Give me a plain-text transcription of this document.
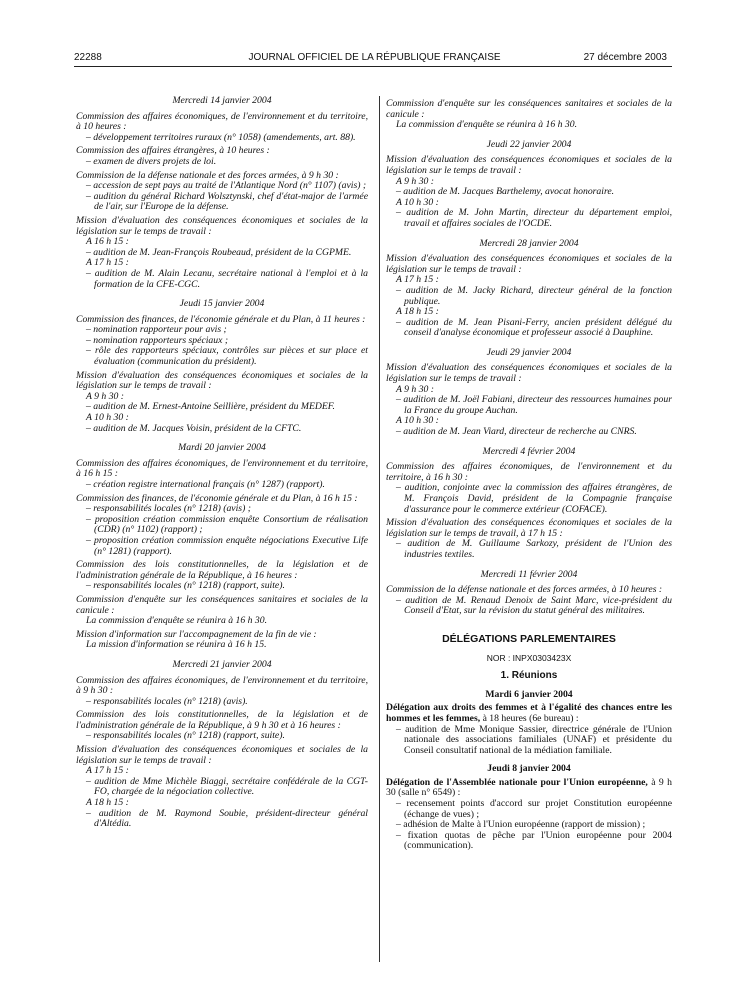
22288	JOURNAL OFFICIEL DE LA RÉPUBLIQUE FRANÇAISE	27 décembre 2003

Mercredi 14 janvier 2004

Commission des affaires économiques, de l'environnement et du territoire, à 10 heures :

– développement territoires ruraux (n° 1058) (amendements, art. 88).

Commission des affaires étrangères, à 10 heures :

– examen de divers projets de loi.

Commission de la défense nationale et des forces armées, à 9 h 30 :

– accession de sept pays au traité de l'Atlantique Nord (n° 1107) (avis) ;

– audition du général Richard Wolsztynski, chef d'état-major de l'armée de l'air, sur l'Europe de la défense.

Mission d'évaluation des conséquences économiques et sociales de la législation sur le temps de travail :

A 16 h 15 :

– audition de M. Jean-François Roubeaud, président de la CGPME.

A 17 h 15 :

– audition de M. Alain Lecanu, secrétaire national à l'emploi et à la formation de la CFE-CGC.

Jeudi 15 janvier 2004

Commission des finances, de l'économie générale et du Plan, à 11 heures :

– nomination rapporteur pour avis ;

– nomination rapporteurs spéciaux ;

– rôle des rapporteurs spéciaux, contrôles sur pièces et sur place et évaluation (communication du président).

Mission d'évaluation des conséquences économiques et sociales de la législation sur le temps de travail :

A 9 h 30 :

– audition de M. Ernest-Antoine Seillière, président du MEDEF.

A 10 h 30 :

– audition de M. Jacques Voisin, président de la CFTC.

Mardi 20 janvier 2004

Commission des affaires économiques, de l'environnement et du territoire, à 16 h 15 :

– création registre international français (n° 1287) (rapport).

Commission des finances, de l'économie générale et du Plan, à 16 h 15 :

– responsabilités locales (n° 1218) (avis) ;

– proposition création commission enquête Consortium de réalisation (CDR) (n° 1102) (rapport) ;

– proposition création commission enquête négociations Executive Life (n° 1281) (rapport).

Commission des lois constitutionnelles, de la législation et de l'administration générale de la République, à 16 heures :

– responsabilités locales (n° 1218) (rapport, suite).

Commission d'enquête sur les conséquences sanitaires et sociales de la canicule :

La commission d'enquête se réunira à 16 h 30.

Mission d'information sur l'accompagnement de la fin de vie :

La mission d'information se réunira à 16 h 15.

Mercredi 21 janvier 2004

Commission des affaires économiques, de l'environnement et du territoire, à 9 h 30 :

– responsabilités locales (n° 1218) (avis).

Commission des lois constitutionnelles, de la législation et de l'administration générale de la République, à 9 h 30 et à 16 heures :

– responsabilités locales (n° 1218) (rapport, suite).

Mission d'évaluation des conséquences économiques et sociales de la législation sur le temps de travail :

A 17 h 15 :

– audition de Mme Michèle Biaggi, secrétaire confédérale de la CGT-FO, chargée de la négociation collective.

A 18 h 15 :

– audition de M. Raymond Soubie, président-directeur général d'Altédia.

Commission d'enquête sur les conséquences sanitaires et sociales de la canicule :

La commission d'enquête se réunira à 16 h 30.

Jeudi 22 janvier 2004

Mission d'évaluation des conséquences économiques et sociales de la législation sur le temps de travail :

A 9 h 30 :

– audition de M. Jacques Barthelemy, avocat honoraire.

A 10 h 30 :

– audition de M. John Martin, directeur du département emploi, travail et affaires sociales de l'OCDE.

Mercredi 28 janvier 2004

Mission d'évaluation des conséquences économiques et sociales de la législation sur le temps de travail :

A 17 h 15 :

– audition de M. Jacky Richard, directeur général de la fonction publique.

A 18 h 15 :

– audition de M. Jean Pisani-Ferry, ancien président délégué du conseil d'analyse économique et professeur associé à Dauphine.

Jeudi 29 janvier 2004

Mission d'évaluation des conséquences économiques et sociales de la législation sur le temps de travail :

A 9 h 30 :

– audition de M. Joël Fabiani, directeur des ressources humaines pour la France du groupe Auchan.

A 10 h 30 :

– audition de M. Jean Viard, directeur de recherche au CNRS.

Mercredi 4 février 2004

Commission des affaires économiques, de l'environnement et du territoire, à 16 h 30 :

– audition, conjointe avec la commission des affaires étrangères, de M. François David, président de la Compagnie française d'assurance pour le commerce extérieur (COFACE).

Mission d'évaluation des conséquences économiques et sociales de la législation sur le temps de travail, à 17 h 15 :

– audition de M. Guillaume Sarkozy, président de l'Union des industries textiles.

Mercredi 11 février 2004

Commission de la défense nationale et des forces armées, à 10 heures :

– audition de M. Renaud Denoix de Saint Marc, vice-président du Conseil d'Etat, sur la révision du statut général des militaires.

DÉLÉGATIONS PARLEMENTAIRES

NOR : INPX0303423X

1. Réunions

Mardi 6 janvier 2004

Délégation aux droits des femmes et à l'égalité des chances entre les hommes et les femmes, à 18 heures (6e bureau) :

– audition de Mme Monique Sassier, directrice générale de l'Union nationale des associations familiales (UNAF) et présidente du Conseil consultatif national de la médiation familiale.

Jeudi 8 janvier 2004

Délégation de l'Assemblée nationale pour l'Union européenne, à 9 h 30 (salle n° 6549) :

– recensement points d'accord sur projet Constitution européenne (échange de vues) ;

– adhésion de Malte à l'Union européenne (rapport de mission) ;

– fixation quotas de pêche par l'Union européenne pour 2004 (communication).
